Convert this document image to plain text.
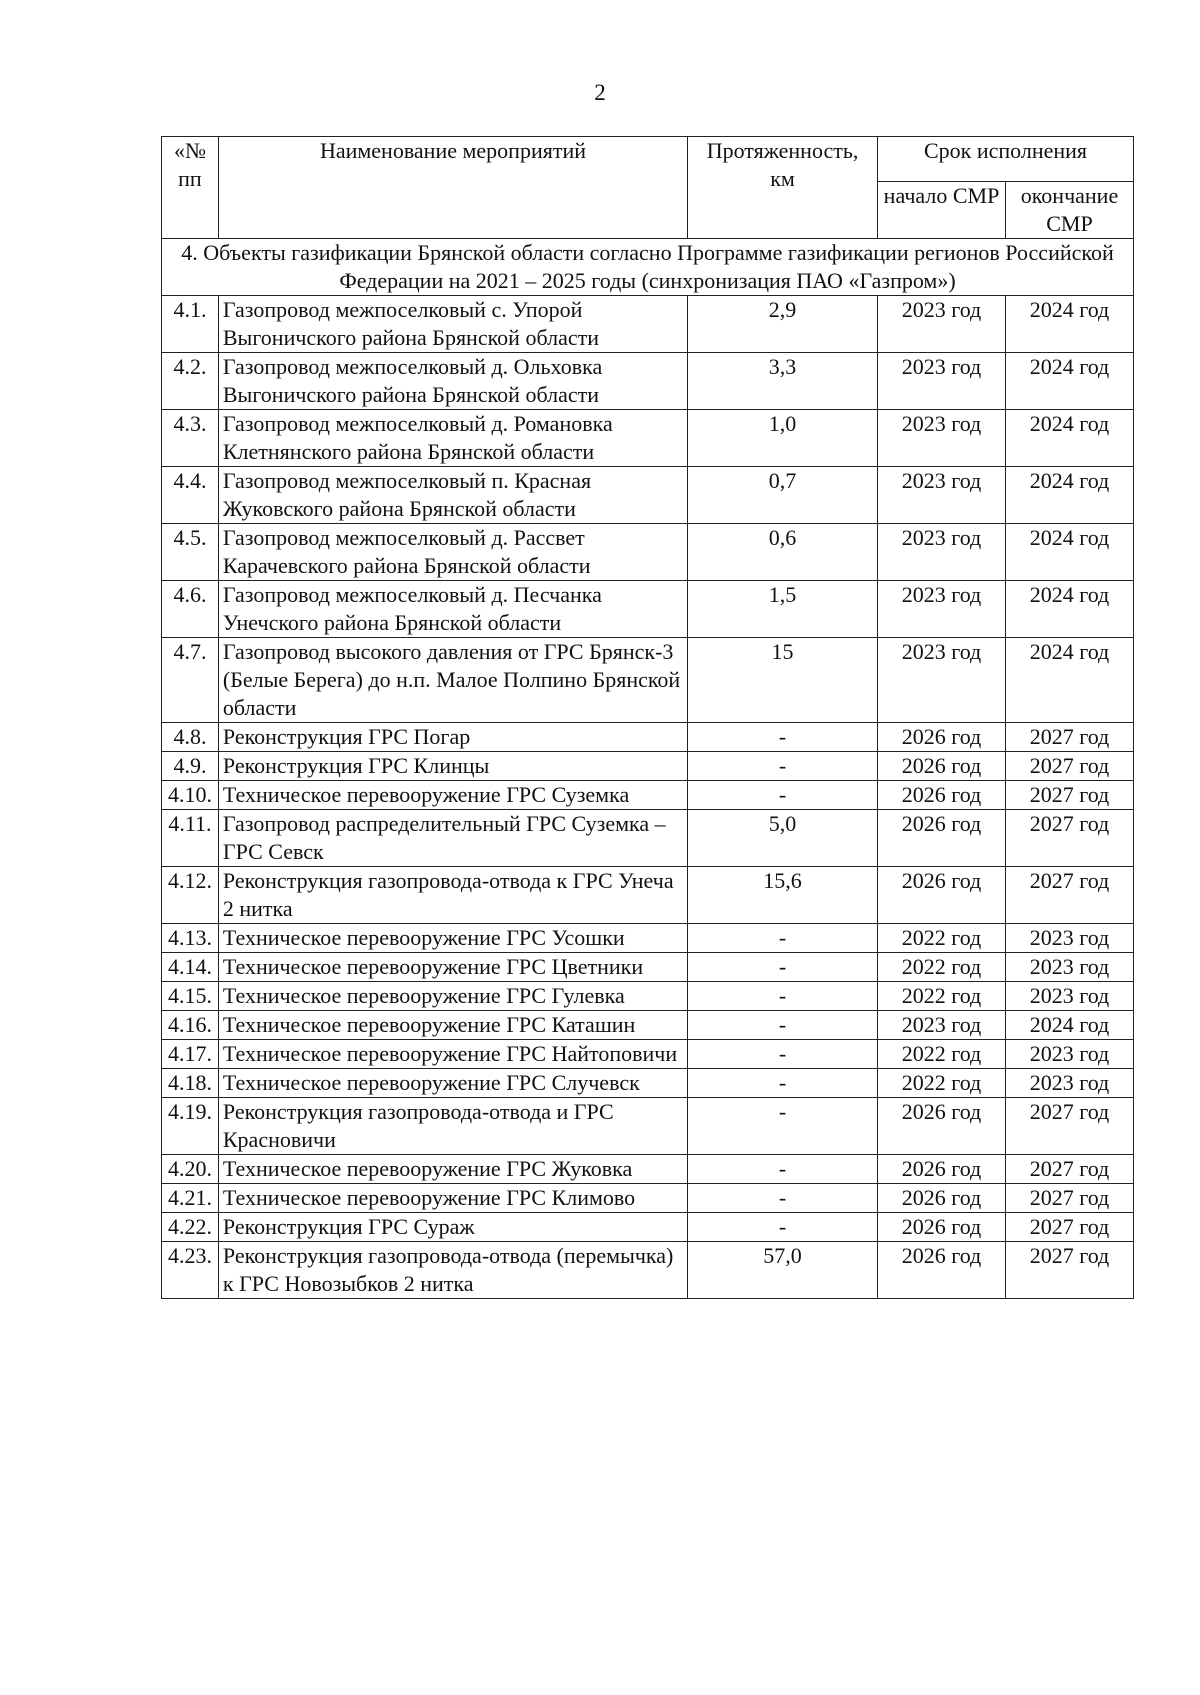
2
«№ пп	Наименование мероприятий	Протяженность, км	Срок исполнения	
			начало СМР	окончание СМР
4. Объекты газификации Брянской области согласно Программе газификации регионов Российской Федерации на 2021 – 2025 годы (синхронизация ПАО «Газпром»)				
4.1.	Газопровод межпоселковый с. Упорой Выгоничского района Брянской области	2,9	2023 год	2024 год
4.2.	Газопровод межпоселковый д. Ольховка Выгоничского района Брянской области	3,3	2023 год	2024 год
4.3.	Газопровод межпоселковый д. Романовка Клетнянского района Брянской области	1,0	2023 год	2024 год
4.4.	Газопровод межпоселковый п. Красная Жуковского района Брянской области	0,7	2023 год	2024 год
4.5.	Газопровод межпоселковый д. Рассвет Карачевского района Брянской области	0,6	2023 год	2024 год
4.6.	Газопровод межпоселковый д. Песчанка Унечского района Брянской области	1,5	2023 год	2024 год
4.7.	Газопровод высокого давления от ГРС Брянск-3 (Белые Берега) до н.п. Малое Полпино Брянской области	15	2023 год	2024 год
4.8.	Реконструкция ГРС Погар	-	2026 год	2027 год
4.9.	Реконструкция ГРС Клинцы	-	2026 год	2027 год
4.10.	Техническое перевооружение ГРС Суземка	-	2026 год	2027 год
4.11.	Газопровод распределительный ГРС Суземка – ГРС Севск	5,0	2026 год	2027 год
4.12.	Реконструкция газопровода-отвода к ГРС Унеча 2 нитка	15,6	2026 год	2027 год
4.13.	Техническое перевооружение ГРС Усошки	-	2022 год	2023 год
4.14.	Техническое перевооружение ГРС Цветники	-	2022 год	2023 год
4.15.	Техническое перевооружение ГРС Гулевка	-	2022 год	2023 год
4.16.	Техническое перевооружение ГРС Каташин	-	2023 год	2024 год
4.17.	Техническое перевооружение ГРС Найтоповичи	-	2022 год	2023 год
4.18.	Техническое перевооружение ГРС Случевск	-	2022 год	2023 год
4.19.	Реконструкция газопровода-отвода и ГРС Красновичи	-	2026 год	2027 год
4.20.	Техническое перевооружение ГРС Жуковка	-	2026 год	2027 год
4.21.	Техническое перевооружение ГРС Климово	-	2026 год	2027 год
4.22.	Реконструкция ГРС Сураж	-	2026 год	2027 год
4.23.	Реконструкция газопровода-отвода (перемычка) к ГРС Новозыбков 2 нитка	57,0	2026 год	2027 год
